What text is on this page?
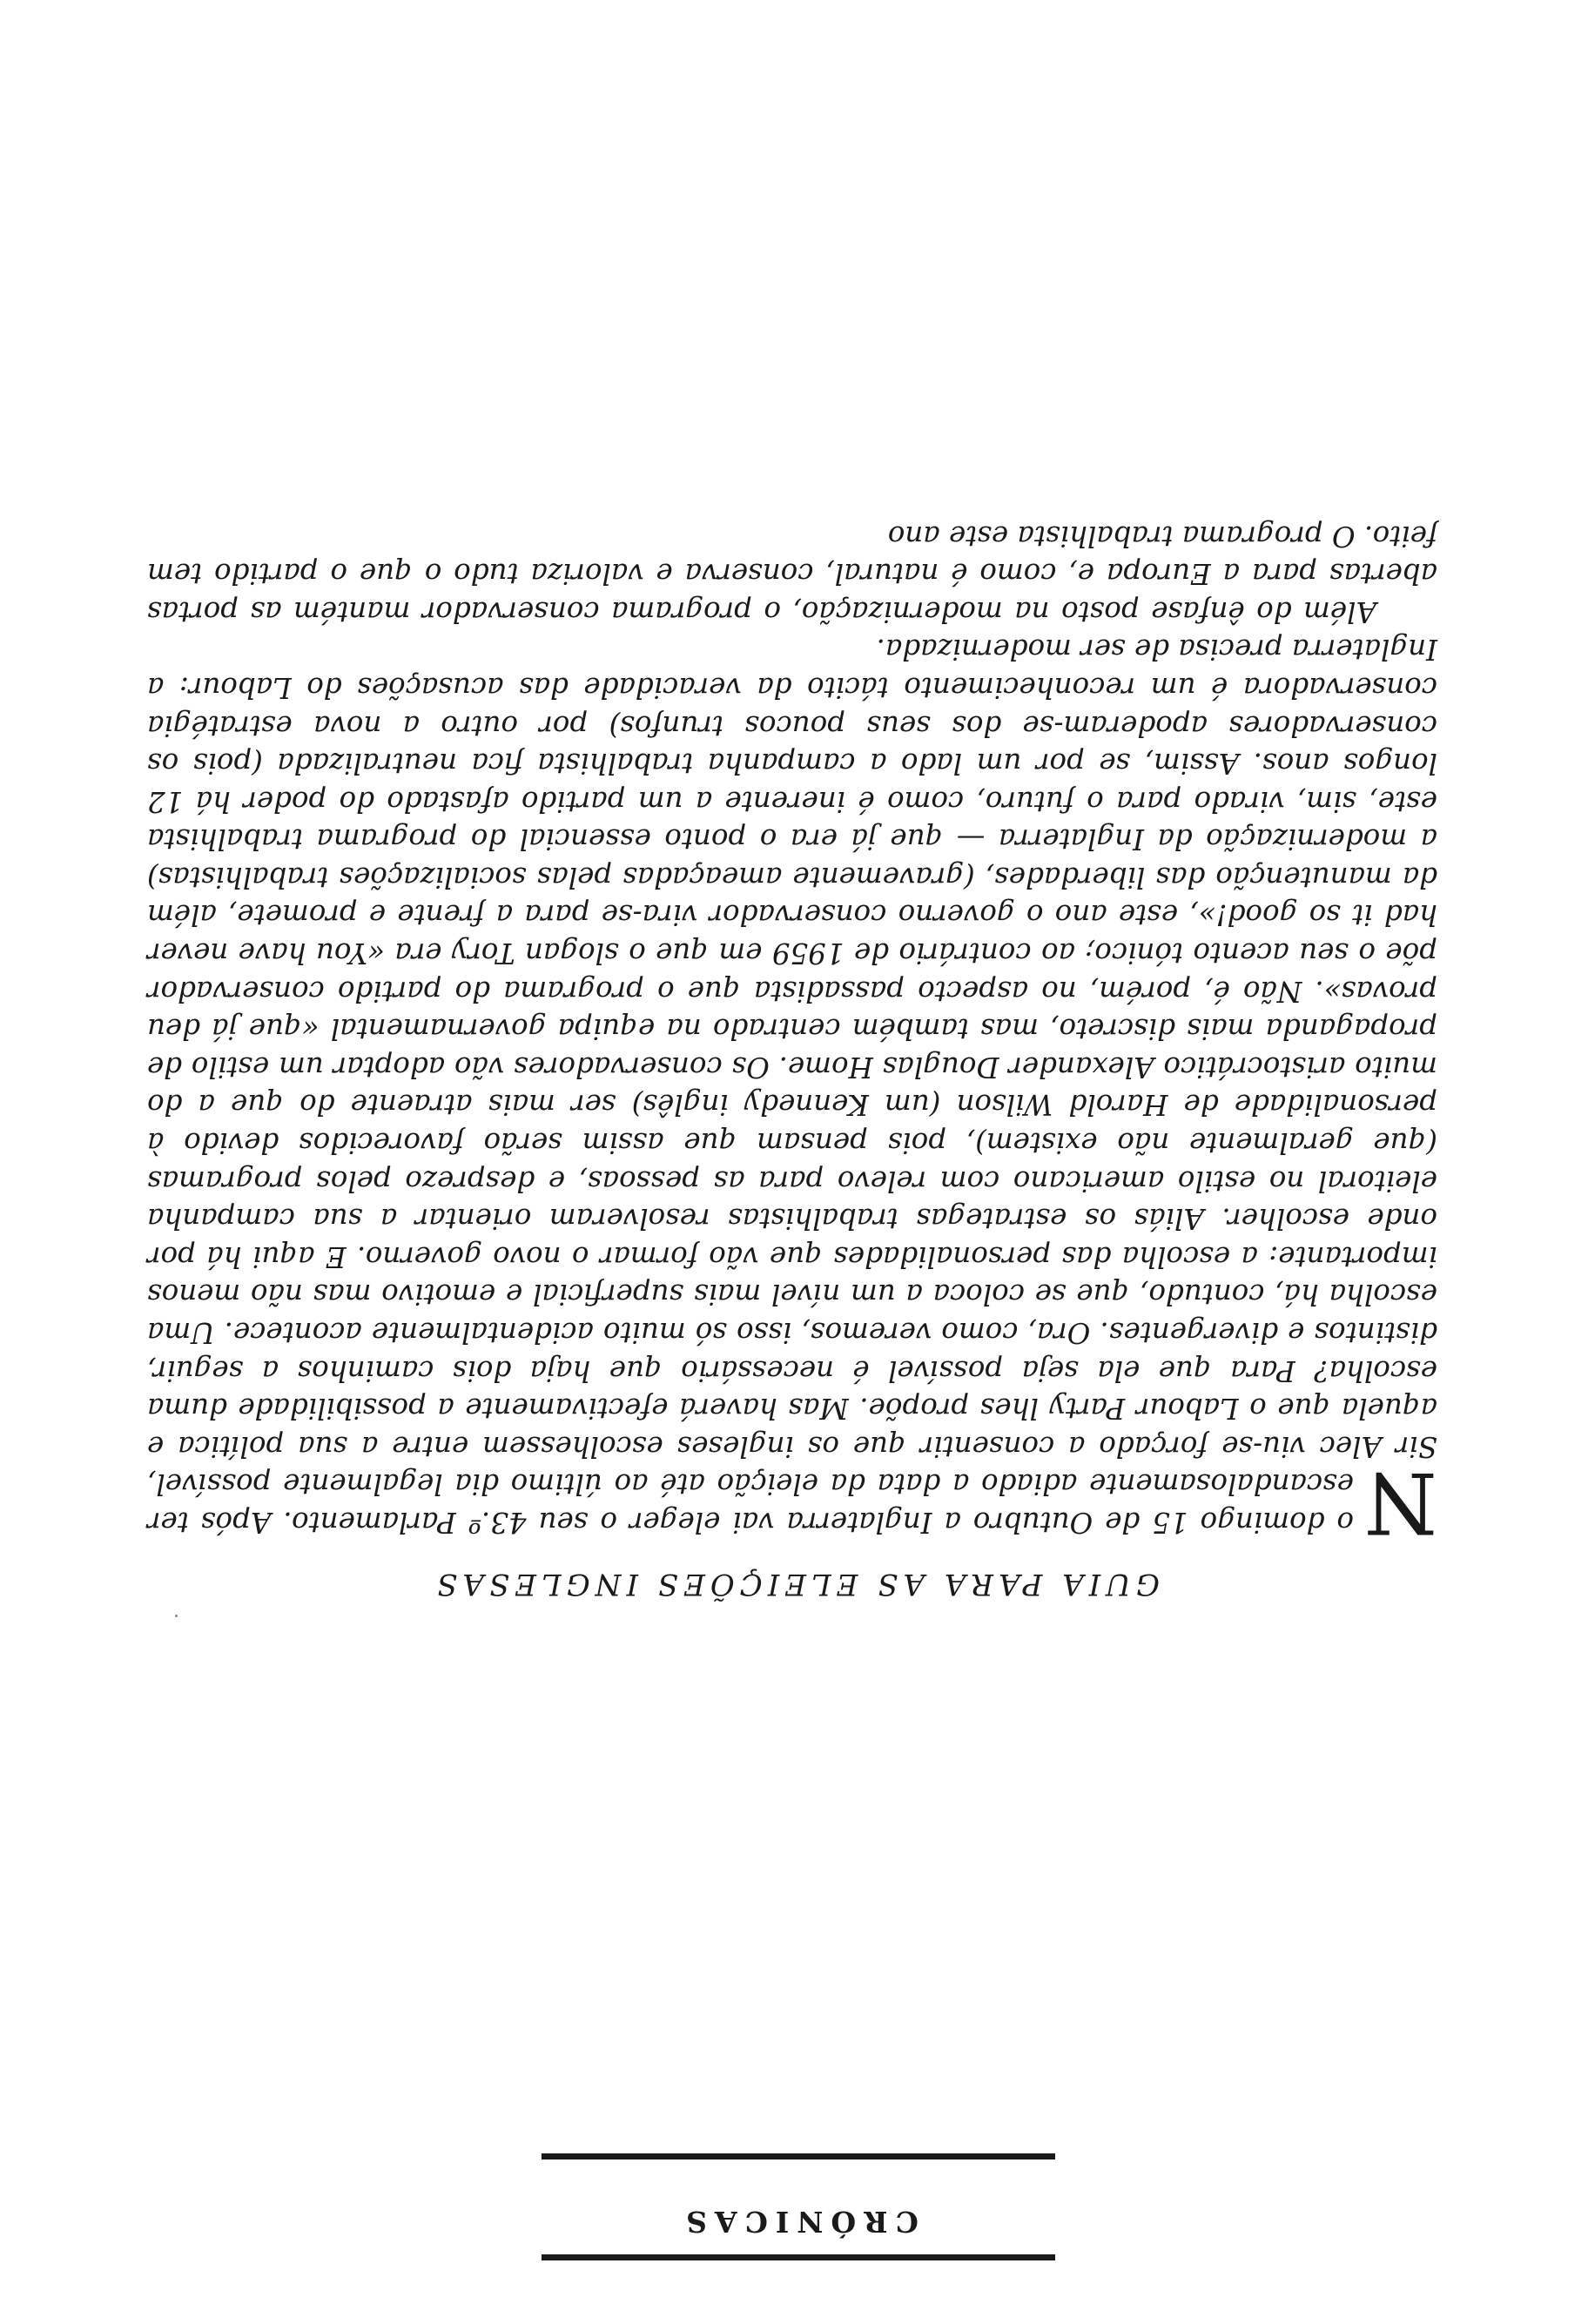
CRÓNICAS
GUIA PARA AS ELEIÇÕES INGLESAS

N
o domingo 15 de Outubro a Inglaterra vai eleger o seu 43.º Parlamento. Após ter escandalosamente adiado a data da eleição até ao último dia legalmente possível, Sir Alec viu-se forçado a consentir que os ingleses escolhessem entre a sua política e aquela que o Labour Party lhes propõe. Mas haverá efectivamente a possibilidade duma escolha? Para que ela seja possível é necessário que haja dois caminhos a seguir, distintos e divergentes. Ora, como veremos, isso só muito acidentalmente acontece. Uma escolha há, contudo, que se coloca a um nível mais superficial e emotivo mas não menos importante: a escolha das personalidades que vão formar o novo governo. E aqui há por onde escolher. Aliás os estrategas trabalhistas resolveram orientar a sua campanha eleitoral no estilo americano com relevo para as pessoas, e desprezo pelos programas (que geralmente não existem), pois pensam que assim serão favorecidos devido à personalidade de Harold Wilson (um Kennedy inglês) ser mais atraente do que a do muito aristocrático Alexander Douglas Home. Os conservadores vão adoptar um estilo de propaganda mais discreto, mas também centrado na equipa governamental «que já deu provas». Não é, porém, no aspecto passadista que o programa do partido conservador põe o seu acento tónico; ao contrário de 1959 em que o slogan Tory era «You have never had it so good!», este ano o governo conservador vira-se para a frente e promete, além da manutenção das liberdades, (gravemente ameaçadas pelas socializações trabalhistas) a modernização da Inglaterra — que já era o ponto essencial do programa trabalhista este, sim, virado para o futuro, como é inerente a um partido afastado do poder há 12 longos anos. Assim, se por um lado a campanha trabalhista fica neutralizada (pois os conservadores apoderam-se dos seus poucos trunfos) por outro a nova estratégia conservadora é um reconhecimento tácito da veracidade das acusações do Labour: a Inglaterra precisa de ser modernizada.

Além do ênfase posto na modernização, o programa conservador mantém as portas abertas para a Europa e, como é natural, conserva e valoriza tudo o que o partido tem feito. O programa trabalhista este ano
